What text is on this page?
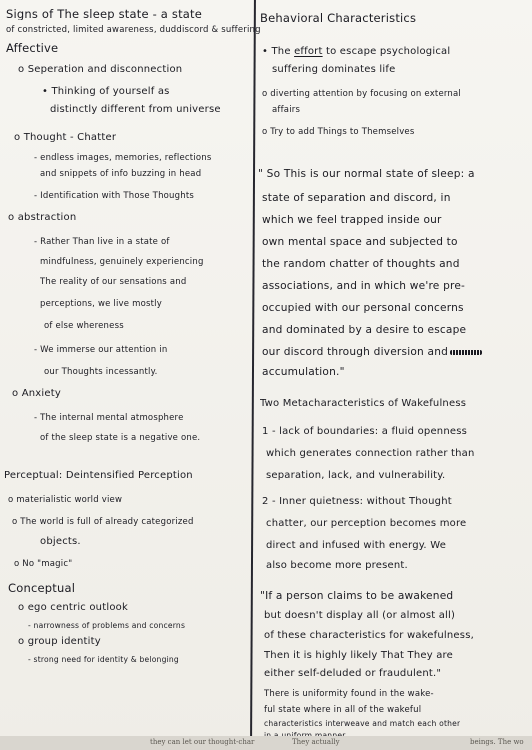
Signs of The sleep state - a state
of constricted, limited awareness, duddiscord & suffering
Affective
o Seperation and disconnection
• Thinking of yourself as
distinctly different from universe
o Thought - Chatter
- endless images, memories, reflections
and snippets of info buzzing in head
- Identification with Those Thoughts
o abstraction
- Rather Than live in a state of
mindfulness, genuinely experiencing
The reality of our sensations and
perceptions, we live mostly
of else whereness
- We immerse our attention in
our Thoughts incessantly.
o Anxiety
- The internal mental atmosphere
of the sleep state is a negative one.
Perceptual: Deintensified Perception
o materialistic world view
o The world is full of already categorized
objects.
o No "magic"
Conceptual
o ego centric outlook
- narrowness of problems and concerns
o group identity
- strong need for identity & belonging
Behavioral Characteristics
• The effort to escape psychological
suffering dominates life
o diverting attention by focusing on external
affairs
o Try to add Things to Themselves
" So This is our normal state of sleep: a
state of separation and discord, in
which we feel trapped inside our
own mental space and subjected to
the random chatter of thoughts and
associations, and in which we're pre-
occupied with our personal concerns
and dominated by a desire to escape
our discord through diversion and
accumulation."
Two Metacharacteristics of Wakefulness
1 - lack of boundaries: a fluid openness
which generates connection rather than
separation, lack, and vulnerability.
2 - Inner quietness: without Thought
chatter, our perception becomes more
direct and infused with energy. We
also become more present.
"If a person claims to be awakened
but doesn't display all (or almost all)
of these characteristics for wakefulness,
Then it is highly likely That They are
either self-deluded or fraudulent."
There is uniformity found in the wake-
ful state where in all of the wakeful
characteristics interweave and match each other
they can let our thought-char	They actually	beings. The wo
